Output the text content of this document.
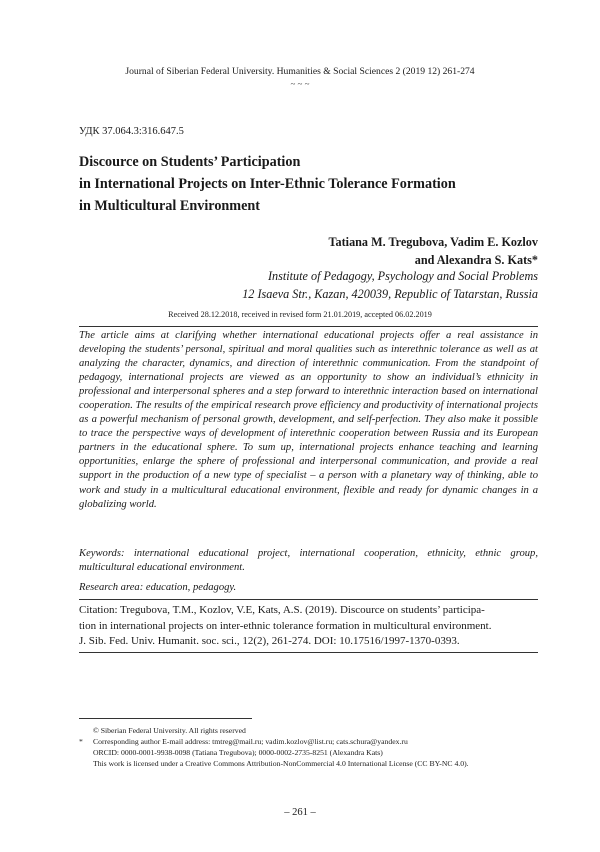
Journal of Siberian Federal University. Humanities & Social Sciences 2 (2019 12) 261-274
~ ~ ~
УДК 37.064.3:316.647.5
Discource on Students’ Participation
in International Projects on Inter-Ethnic Tolerance Formation
in Multicultural Environment
Tatiana M. Tregubova, Vadim E. Kozlov
and Alexandra S. Kats*
Institute of Pedagogy, Psychology and Social Problems
12 Isaeva Str., Kazan, 420039, Republic of Tatarstan, Russia
Received 28.12.2018, received in revised form 21.01.2019, accepted 06.02.2019
The article aims at clarifying whether international educational projects offer a real assistance in developing the students’ personal, spiritual and moral qualities such as interethnic tolerance as well as at analyzing the character, dynamics, and direction of interethnic communication. From the standpoint of pedagogy, international projects are viewed as an opportunity to show an individual’s ethnicity in professional and interpersonal spheres and a step forward to interethnic interaction based on international cooperation. The results of the empirical research prove efficiency and productivity of international projects as a powerful mechanism of personal growth, development, and self-perfection. They also make it possible to trace the perspective ways of development of interethnic cooperation between Russia and its European partners in the educational sphere. To sum up, international projects enhance teaching and learning opportunities, enlarge the sphere of professional and interpersonal communication, and provide a real support in the production of a new type of specialist – a person with a planetary way of thinking, able to work and study in a multicultural educational environment, flexible and ready for dynamic changes in a globalizing world.
Keywords: international educational project, international cooperation, ethnicity, ethnic group, multicultural educational environment.
Research area: education, pedagogy.
Citation: Tregubova, T.M., Kozlov, V.E, Kats, A.S. (2019). Discource on students’ participa-
tion in international projects on inter-ethnic tolerance formation in multicultural environment.
J. Sib. Fed. Univ. Humanit. soc. sci., 12(2), 261-274. DOI: 10.17516/1997-1370-0393.
© Siberian Federal University. All rights reserved
* Corresponding author E-mail address: tmtreg@mail.ru; vadim.kozlov@list.ru; cats.schura@yandex.ru
ORCID: 0000-0001-9938-0098 (Tatiana Tregubova); 0000-0002-2735-8251 (Alexandra Kats)
This work is licensed under a Creative Commons Attribution-NonCommercial 4.0 International License (CC BY-NC 4.0).
– 261 –
